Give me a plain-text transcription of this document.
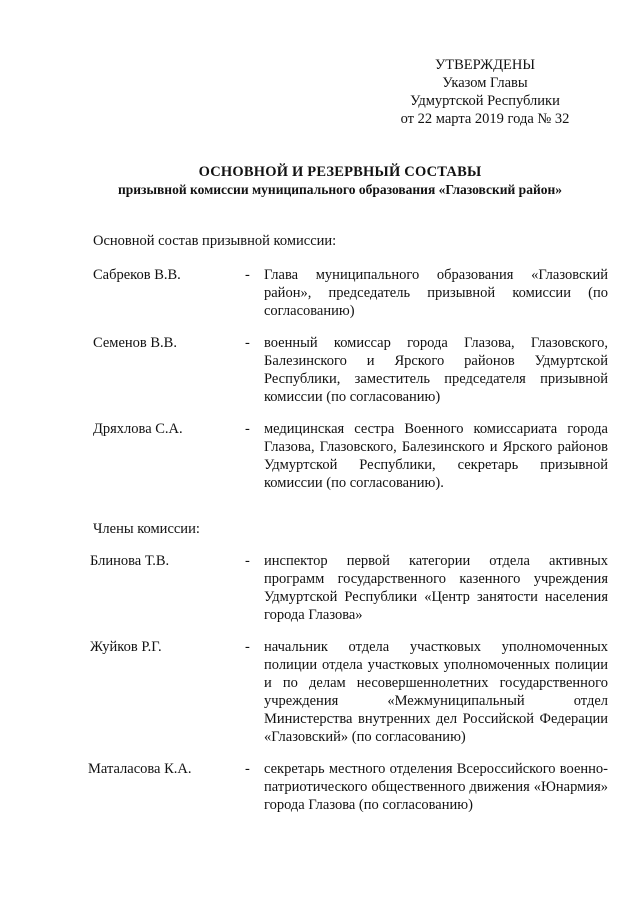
УТВЕРЖДЕНЫ
Указом Главы
Удмуртской Республики
от 22 марта 2019 года № 32
ОСНОВНОЙ И РЕЗЕРВНЫЙ СОСТАВЫ
призывной комиссии муниципального образования «Глазовский район»
Основной состав призывной комиссии:
Сабреков В.В.	- Глава муниципального образования «Глазовский район», председатель призывной комиссии (по согласованию)
Семенов В.В.	- военный комиссар города Глазова, Глазовского, Балезинского и Ярского районов Удмуртской Республики, заместитель председателя призывной комиссии (по согласованию)
Дряхлова С.А.	- медицинская сестра Военного комиссариата города Глазова, Глазовского, Балезинского и Ярского районов Удмуртской Республики, секретарь призывной комиссии (по согласованию).
Члены комиссии:
Блинова Т.В.	- инспектор первой категории отдела активных программ государственного казенного учреждения Удмуртской Республики «Центр занятости населения города Глазова»
Жуйков Р.Г.	- начальник отдела участковых уполномоченных полиции отдела участковых уполномоченных полиции и по делам несовершеннолетних государственного учреждения «Межмуниципальный отдел Министерства внутренних дел Российской Федерации «Глазовский» (по согласованию)
Маталасова К.А.	- секретарь местного отделения Всероссийского военно-патриотического общественного движения «Юнармия» города Глазова (по согласованию)
